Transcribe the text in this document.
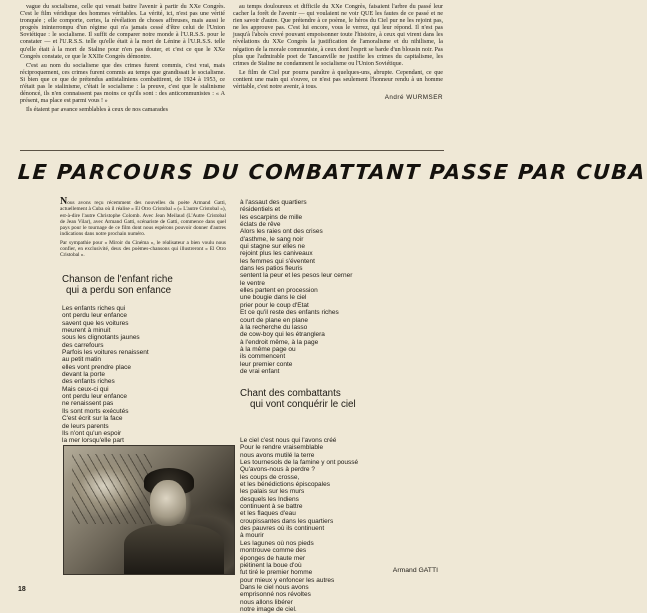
vague du socialisme, celle qui venait battre l'avenir à partir du XXe Congrès. C'est le film véridique des hommes véritables. La vérité, ici, n'est pas une vérité tronquée ; elle comporte, certes, la révélation de choses affreuses, mais aussi le progrès ininterrompu d'un régime qui n'a jamais cessé d'être celui de l'Union Soviétique : le socialisme. Il suffit de comparer notre monde à l'U.R.S.S. pour le constater — et l'U.R.S.S. telle qu'elle était à la mort de Lénine à l'U.R.S.S. telle qu'elle était à la mort de Staline pour n'en pas douter, et c'est ce que le XXe Congrès constate, ce que le XXIIe Congrès démontre.

C'est au nom du socialisme que des crimes furent commis, c'est vrai, mais réciproquement, ces crimes furent commis au temps que grandissait le socialisme. Si bien que ce que de prétendus antistaliniens combattirent, de 1924 à 1953, ce n'était pas le stalinisme, c'était le socialisme : la preuve, c'est que le stalinisme dénoncé, ils n'en connaissent pas moins ce qu'ils sont : des anticommunistes : « A présent, ma place est parmi vous ! »

Ils étaient par avance semblables à ceux de nos camarades

au temps douloureux et difficile du XXe Congrès, faisaient l'arbre du passé leur cacher la forêt de l'avenir — qui voulaient ne voir QUE les fautes de ce passé et ne rien savoir d'autre. Que prétendre à ce poème, le héros du Ciel pur ne les rejoint pas, ne les approuve pas. C'est lui encore, vous le verrez, qui leur répond. Il n'est pas jusqu'à l'abcès crevé pouvant empoisonner toute l'histoire, à ceux qui virent dans les révélations du XXe Congrès la justification de l'amoralisme et du nihilisme, la négation de la morale communiste, à ceux dont l'esprit se barde d'un blousin noir. Pas plus que l'admirable poet de Tancanville ne justifie les crimes du capitalisme, les crimes de Staline ne condamnent le socialisme ou l'Union Soviétique.

Le film de Ciel pur pourra paraître à quelques-uns, abrupte. Cependant, ce que contient une main qui s'ouvre, ce n'est pas seulement l'honneur rendu à un homme véritable, c'est notre avenir, à tous.

André WURMSER
LE PARCOURS DU COMBATTANT PASSE PAR CUBA

Nous avons reçu récemment des nouvelles du poète Armand Gatti, actuellement à Cuba où il réalise « El Otro Cristobal » (« L'autre Cristobal »), est-à-dire l'autre Christophe Colomb. Avec Jean Meilaud (L'Autre Cristobal de Jean Vilar), avec Armand Gatti, scénariste de Gatti, commence dans quel pays pour le tournage de ce film dont nous espérons pouvoir donner d'autres indications dans notre prochain numéro.

Par sympathie pour « Miroir du Cinéma », le réalisateur a bien voulu nous confier, en exclusivité, deux des poèmes-chansons qui illustreront « El Otro Cristobal ».

Chanson de l'enfant riche
qui a perdu son enfance
Les enfants riches qui
ont perdu leur enfance
savent que les voitures
meurent à minuit
sous les clignotants jaunes
des carrefours
Parfois les voitures renaissent
au petit matin
elles vont prendre place
devant la porte
des enfants riches
Mais ceux-ci qui
ont perdu leur enfance
ne renaissent pas
Ils sont morts exécutés
C'est écrit sur la face
de leurs parents
Ils n'ont qu'un espoir
la mer lorsqu'elle part
à l'assaut des quartiers
résidentiels et
les escarpins de mille
éclats de rêve
Alors les raies ont des crises
d'asthme, le sang noir
qui stagne sur elles ne
rejoint plus les caniveaux
les femmes qui s'éventent
dans les patios fleuris
sentent la peur et les pesos leur cerner
le ventre
elles partent en procession
une bougie dans le ciel
prier pour le coup d'Etat
Et ce qu'il reste des enfants riches
court de plane en plane
à la recherche du lasso
de cow-boy qui les étranglera
à l'endroit même, à la page
à la même page ou
ils commencent
leur premier conte
de vrai enfant
Chant des combattants
qui vont conquérir le ciel
Le ciel c'est nous qui l'avons créé
Pour le rendre vraisemblable
nous avons mutilé la terre
Les tournesols de la famine y ont poussé
Qu'avons-nous à perdre ?
les coups de crosse,
et les bénédictions épiscopales
les palais sur les murs
desquels les Indiens
continuent à se battre
et les flaques d'eau
croupissantes dans les quartiers
des pauvres où ils continuent
à mourir
Les lagunes où nos pieds
montrouve comme des
éponges de haute mer
piétinent la boue d'où
fut tiré le premier homme
pour mieux y enfoncer les autres
Dans le ciel nous avons
emprisonné nos révoltes
nous allons libérer
notre image de ciel.
Armand GATTI
18
